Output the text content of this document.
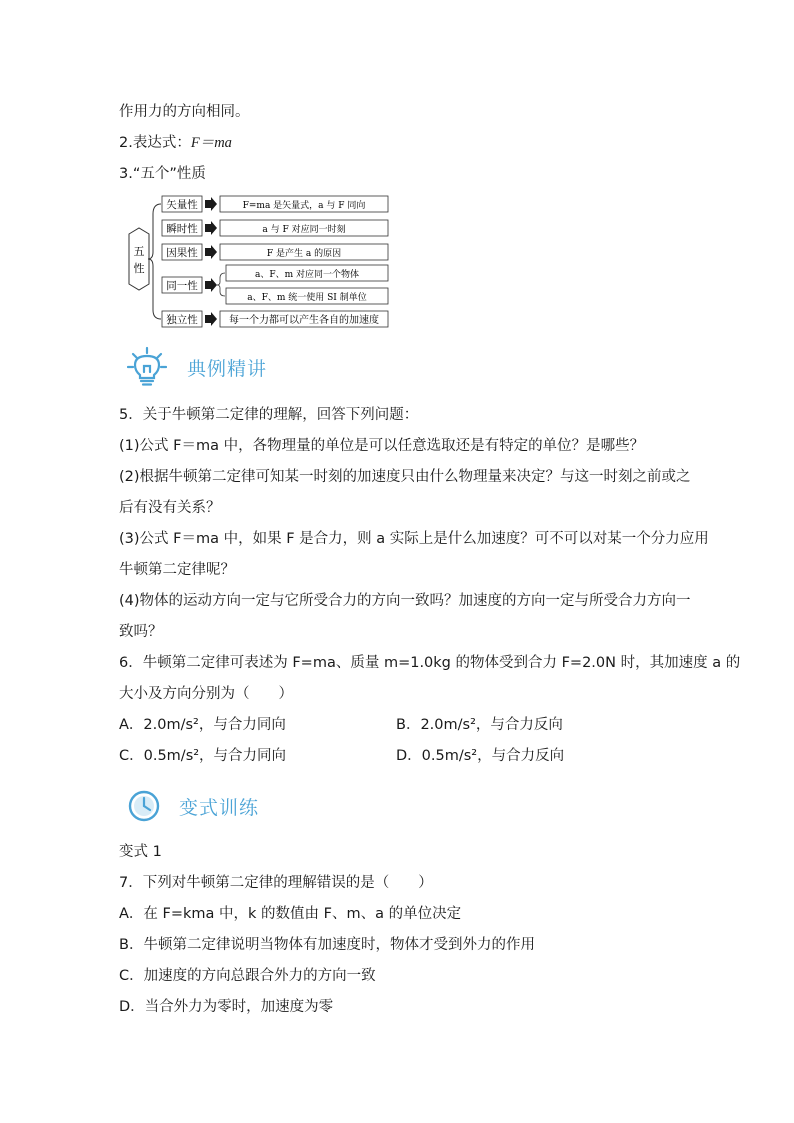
作用力的方向相同。
2.表达式：F＝ma
3.“五个”性质
五
性
矢量性	F=ma 是矢量式，a 与 F 同向
瞬时性	a 与 F 对应同一时刻
因果性	F 是产生 a 的原因
同一性
a、F、m 对应同一个物体
a、F、m 统一使用 SI 制单位
独立性	每一个力都可以产生各自的加速度
典例精讲
5．关于牛顿第二定律的理解，回答下列问题：
(1)公式 F＝ma 中，各物理量的单位是可以任意选取还是有特定的单位？是哪些？
(2)根据牛顿第二定律可知某一时刻的加速度只由什么物理量来决定？与这一时刻之前或之
后有没有关系？
(3)公式 F＝ma 中，如果 F 是合力，则 a 实际上是什么加速度？可不可以对某一个分力应用
牛顿第二定律呢？
(4)物体的运动方向一定与它所受合力的方向一致吗？加速度的方向一定与所受合力方向一
致吗？
6．牛顿第二定律可表述为 F=ma、质量 m=1.0kg 的物体受到合力 F=2.0N 时，其加速度 a 的
大小及方向分别为（　　）
A．2.0m/s²，与合力同向	B．2.0m/s²，与合力反向
C．0.5m/s²，与合力同向	D．0.5m/s²，与合力反向
变式训练
变式 1
7．下列对牛顿第二定律的理解错误的是（　　）
A．在 F=kma 中，k 的数值由 F、m、a 的单位决定
B．牛顿第二定律说明当物体有加速度时，物体才受到外力的作用
C．加速度的方向总跟合外力的方向一致
D．当合外力为零时，加速度为零
